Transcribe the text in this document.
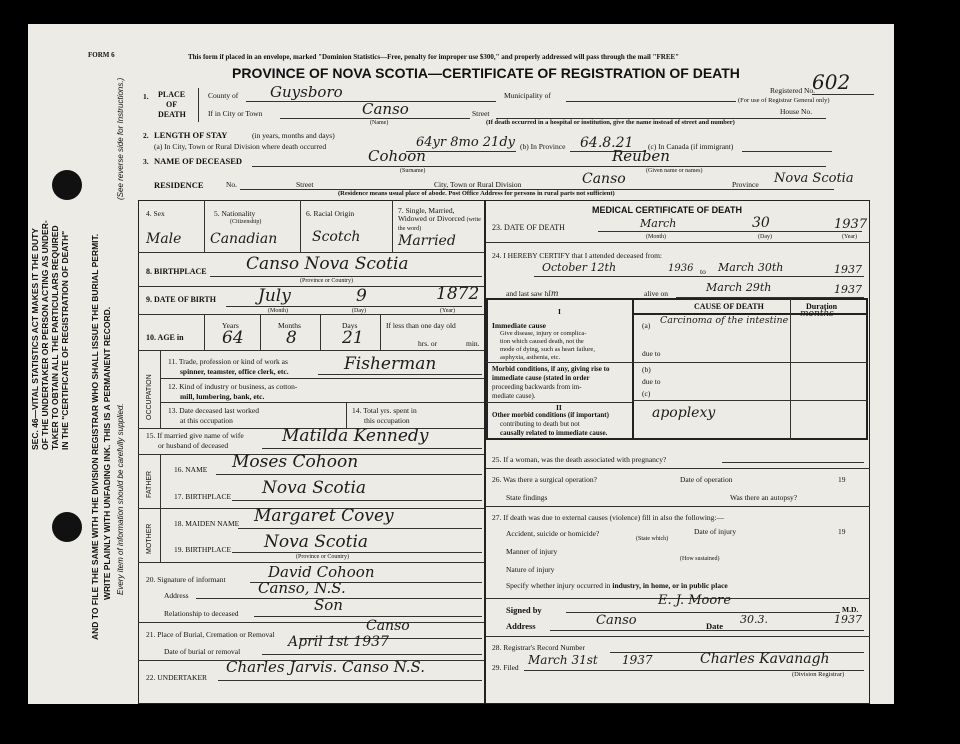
SEC. 46—VITAL STATISTICS ACT MAKES IT THE DUTY OF THE UNDERTAKER OR PERSON ACTING AS UNDER- TAKER TO OBTAIN ALL THE PARTICULARS REQUIRED IN THE "CERTIFICATE OF REGISTRATION OF DEATH" AND TO FILE THE SAME WITH THE DIVISION REGISTRAR WHO SHALL ISSUE THE BURIAL PERMIT. WRITE PLAINLY WITH UNFADING INK. THIS IS A PERMANENT RECORD. Every item of information should be carefully supplied.
(See reverse side for Instructions.)
FORM 6	This form if placed in an envelope, marked "Dominion Statistics—Free, penalty for improper use $300," and properly addressed will pass through the mail "FREE"
PROVINCE OF NOVA SCOTIA—CERTIFICATE OF REGISTRATION OF DEATH
Registered No.
602
(For use of Registrar General only)
House No.
1. PLACE
OF
DEATH
County of Guysboro	Municipality of
If in City or Town	Canso	Street
(Name)	(If death occurred in a hospital or institution, give the name instead of street and number)
2. LENGTH OF STAY	(in years, months and days)
(a) In City, Town or Rural Division where death occurred	64yr 8mo 21dy (b) In Province 64.8.21 (c) In Canada (if immigrant)
3. NAME OF DECEASED	Cohoon	Reuben
(Surname)	(Given name or names)
RESIDENCE	No.	Street	City, Town or Rural Division	Canso	Province Nova Scotia
(Residence means usual place of abode. Post Office Address for persons in rural parts not sufficient)
4. Sex
Male
5. Nationality
(Citizenship)
Canadian
6. Racial Origin
Scotch
7. Single, Married, Widowed or Divorced (write the word)
Married
8. BIRTHPLACE Canso Nova Scotia
(Province or Country)
9. DATE OF BIRTH July	9	1872
(Month)	(Day)	(Year)
10. AGE in
Years	Months	Days
64 8	21
If less than one day old
hrs. or	min.
OCCUPATION
11. Trade, profession or kind of work as
spinner, teamster, office clerk, etc.	Fisherman
12. Kind of industry or business, as cotton-
mill, lumbering, bank, etc.
13. Date deceased last worked
at this occupation
14. Total yrs. spent in
this occupation
15. If married give name of wife
or husband of deceased	Matilda Kennedy
FATHER
MOTHER
16. NAME Moses Cohoon
17. BIRTHPLACE Nova Scotia
18. MAIDEN NAME Margaret Covey
19. BIRTHPLACE Nova Scotia
(Province or Country)
20. Signature of informant	David Cohoon
Address	Canso, N.S.
Relationship to deceased	Son
21. Place of Burial, Cremation or Removal
Canso
Date of burial or removal
April 1st 1937
22. UNDERTAKER
Charles Jarvis. Canso N.S.
MEDICAL CERTIFICATE OF DEATH
23. DATE OF DEATH	March	30	1937
(Month)	(Day)	(Year)
24. I HEREBY CERTIFY that I attended deceased from:
October 12th	1936 to March 30th	1937
and last saw him	alive on	March 29th	1937
CAUSE OF DEATH	Duration
I
Immediate cause
Give disease, injury or complica-
tion which caused death, not the
mode of dying, such as heart failure,
asphyxia, asthenia, etc.
(a) Carcinoma of the intestine
months
due to
Morbid conditions, if any, giving rise to
immediate cause (stated in order
proceeding backwards from im-
mediate cause).
(b)
due to
(c)
II
Other morbid conditions (if important)
contributing to death but not
causally related to immediate cause.
apoplexy
25. If a woman, was the death associated with pregnancy?
26. Was there a surgical operation?	Date of operation	19
State findings	Was there an autopsy?
27. If death was due to external causes (violence) fill in also the following:—
Accident, suicide or homicide?
(State which)
Date of injury	19
Manner of injury
(How sustained)
Nature of injury
Specify whether injury occurred in industry, in home, or in public place
Signed by
E. J. Moore
M.D.
Address	Canso	Date 30.3.	1937
28. Registrar's Record Number
29. Filed
March 31st 1937	Charles Kavanagh
(Division Registrar)
